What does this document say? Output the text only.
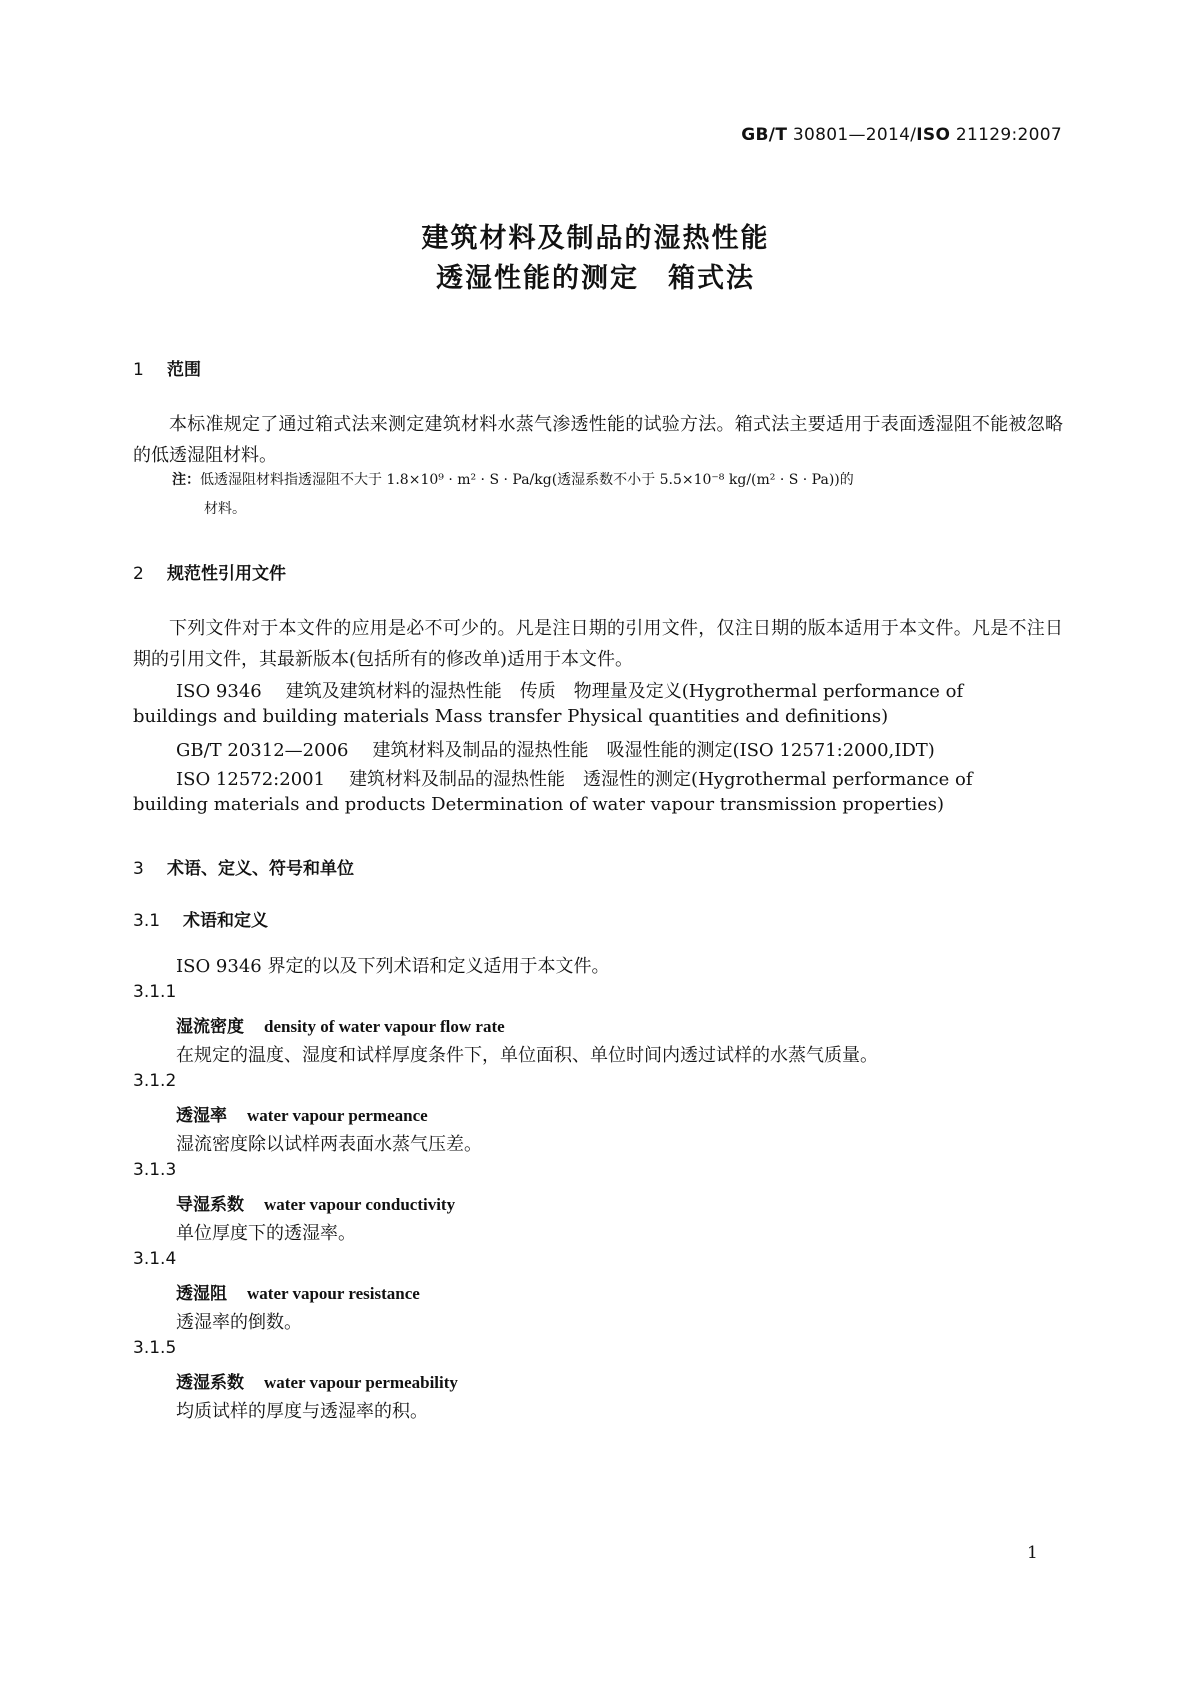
GB/T 30801—2014/ISO 21129:2007
建筑材料及制品的湿热性能
透湿性能的测定　箱式法
1 范围
本标准规定了通过箱式法来测定建筑材料水蒸气渗透性能的试验方法。箱式法主要适用于表面透湿阻不能被忽略的低透湿阻材料。
注：低透湿阻材料指透湿阻不大于 1.8×10⁹ · m² · S · Pa/kg(透湿系数不小于 5.5×10⁻⁸ kg/(m² · S · Pa))的
材料。
2 规范性引用文件
下列文件对于本文件的应用是必不可少的。凡是注日期的引用文件，仅注日期的版本适用于本文件。凡是不注日期的引用文件，其最新版本(包括所有的修改单)适用于本文件。
ISO 9346 建筑及建筑材料的湿热性能　传质　物理量及定义(Hygrothermal performance of
buildings and building materials Mass transfer Physical quantities and definitions)
GB/T 20312—2006 建筑材料及制品的湿热性能　吸湿性能的测定(ISO 12571:2000,IDT)
ISO 12572:2001 建筑材料及制品的湿热性能　透湿性的测定(Hygrothermal performance of
building materials and products Determination of water vapour transmission properties)
3 术语、定义、符号和单位
3.1 术语和定义
ISO 9346 界定的以及下列术语和定义适用于本文件。
3.1.1
湿流密度 density of water vapour flow rate
在规定的温度、湿度和试样厚度条件下，单位面积、单位时间内透过试样的水蒸气质量。
3.1.2
透湿率 water vapour permeance
湿流密度除以试样两表面水蒸气压差。
3.1.3
导湿系数 water vapour conductivity
单位厚度下的透湿率。
3.1.4
透湿阻 water vapour resistance
透湿率的倒数。
3.1.5
透湿系数 water vapour permeability
均质试样的厚度与透湿率的积。
1
